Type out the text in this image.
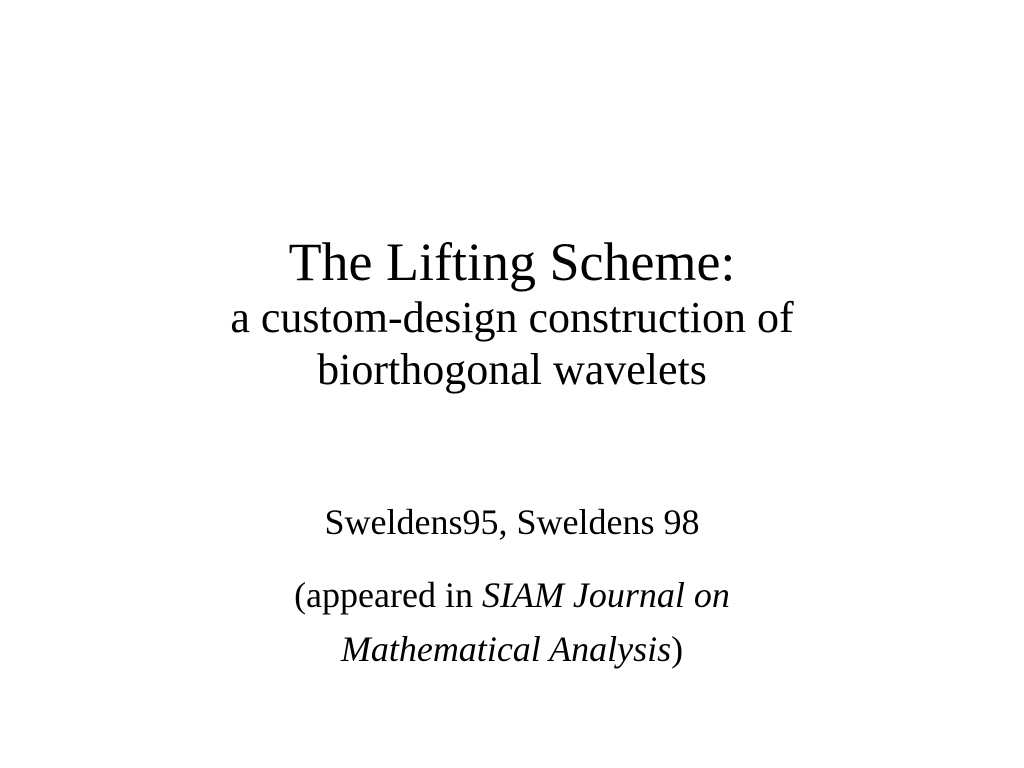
The Lifting Scheme:
a custom-design construction of
biorthogonal wavelets
Sweldens95, Sweldens 98
(appeared in SIAM Journal on
Mathematical Analysis)
